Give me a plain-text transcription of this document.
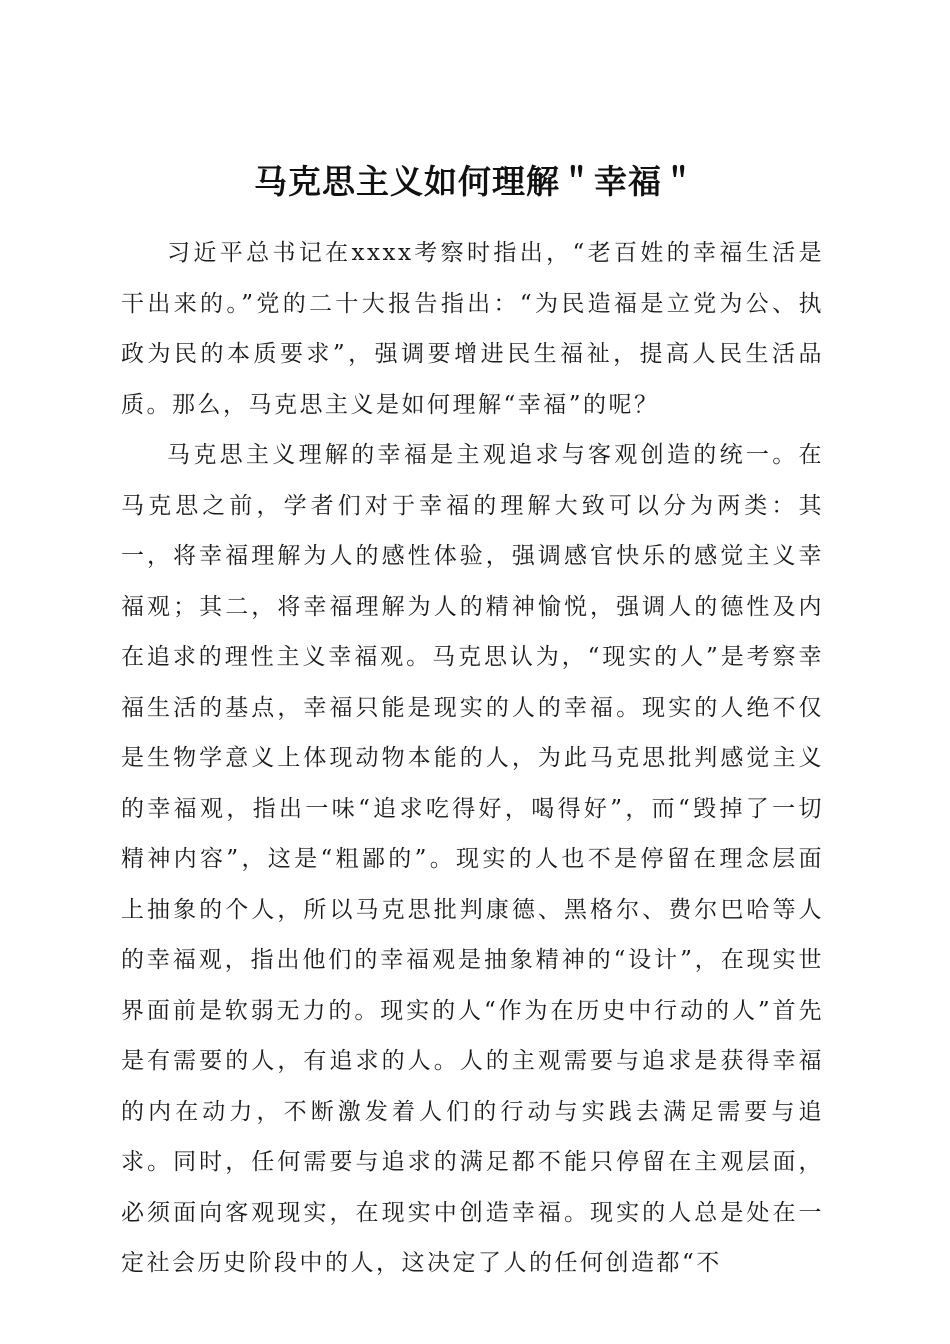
马克思主义如何理解＂幸福＂

习近平总书记在xxxx考察时指出，“老百姓的幸福生活是干出来的。”党的二十大报告指出：“为民造福是立党为公、执政为民的本质要求”，强调要增进民生福祉，提高人民生活品质。那么，马克思主义是如何理解“幸福”的呢？

马克思主义理解的幸福是主观追求与客观创造的统一。在马克思之前，学者们对于幸福的理解大致可以分为两类：其一，将幸福理解为人的感性体验，强调感官快乐的感觉主义幸福观；其二，将幸福理解为人的精神愉悦，强调人的德性及内在追求的理性主义幸福观。马克思认为，“现实的人”是考察幸福生活的基点，幸福只能是现实的人的幸福。现实的人绝不仅是生物学意义上体现动物本能的人，为此马克思批判感觉主义的幸福观，指出一味“追求吃得好，喝得好”，而“毁掉了一切精神内容”，这是“粗鄙的”。现实的人也不是停留在理念层面上抽象的个人，所以马克思批判康德、黑格尔、费尔巴哈等人的幸福观，指出他们的幸福观是抽象精神的“设计”，在现实世界面前是软弱无力的。现实的人“作为在历史中行动的人”首先是有需要的人，有追求的人。人的主观需要与追求是获得幸福的内在动力，不断激发着人们的行动与实践去满足需要与追求。同时，任何需要与追求的满足都不能只停留在主观层面，必须面向客观现实，在现实中创造幸福。现实的人总是处在一定社会历史阶段中的人，这决定了人的任何创造都“不
